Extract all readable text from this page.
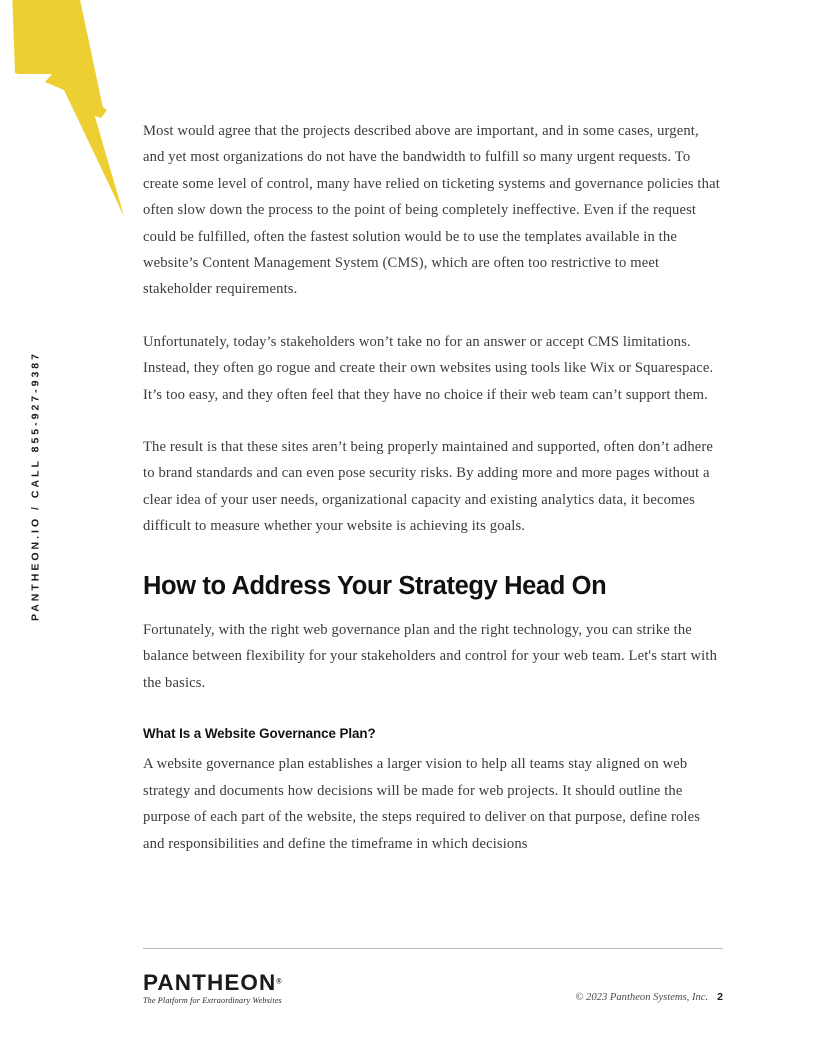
PANTHEON.IO / CALL 855-927-9387

Most would agree that the projects described above are important, and in some cases, urgent, and yet most organizations do not have the bandwidth to fulfill so many urgent requests. To create some level of control, many have relied on ticketing systems and governance policies that often slow down the process to the point of being completely ineffective. Even if the request could be fulfilled, often the fastest solution would be to use the templates available in the website’s Content Management System (CMS), which are often too restrictive to meet stakeholder requirements.

Unfortunately, today’s stakeholders won’t take no for an answer or accept CMS limitations. Instead, they often go rogue and create their own websites using tools like Wix or Squarespace. It’s too easy, and they often feel that they have no choice if their web team can’t support them.

The result is that these sites aren’t being properly maintained and supported, often don’t adhere to brand standards and can even pose security risks. By adding more and more pages without a clear idea of your user needs, organizational capacity and existing analytics data, it becomes difficult to measure whether your website is achieving its goals.

How to Address Your Strategy Head On

Fortunately, with the right web governance plan and the right technology, you can strike the balance between flexibility for your stakeholders and control for your web team. Let's start with the basics.

What Is a Website Governance Plan?

A website governance plan establishes a larger vision to help all teams stay aligned on web strategy and documents how decisions will be made for web projects. It should outline the purpose of each part of the website, the steps required to deliver on that purpose, define roles and responsibilities and define the timeframe in which decisions

PANTHEON®
The Platform for Extraordinary Websites	© 2023 Pantheon Systems, Inc. 2
